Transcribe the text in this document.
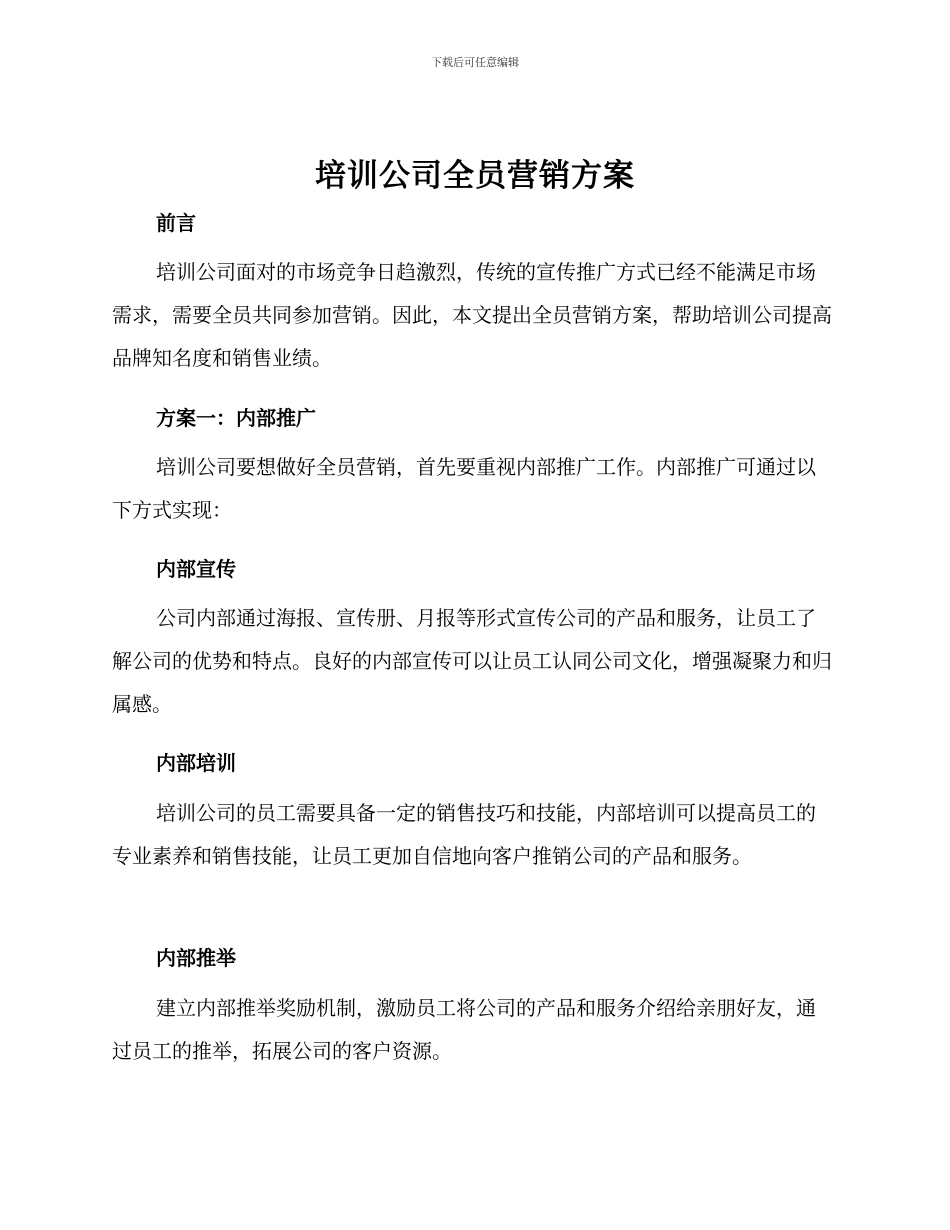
下载后可任意编辑
培训公司全员营销方案
前言
培训公司面对的市场竞争日趋激烈，传统的宣传推广方式已经不能满足市场需求，需要全员共同参加营销。因此，本文提出全员营销方案，帮助培训公司提高品牌知名度和销售业绩。
方案一：内部推广
培训公司要想做好全员营销，首先要重视内部推广工作。内部推广可通过以下方式实现：
内部宣传
公司内部通过海报、宣传册、月报等形式宣传公司的产品和服务，让员工了解公司的优势和特点。良好的内部宣传可以让员工认同公司文化，增强凝聚力和归属感。
内部培训
培训公司的员工需要具备一定的销售技巧和技能，内部培训可以提高员工的专业素养和销售技能，让员工更加自信地向客户推销公司的产品和服务。
内部推举
建立内部推举奖励机制，激励员工将公司的产品和服务介绍给亲朋好友，通过员工的推举，拓展公司的客户资源。
